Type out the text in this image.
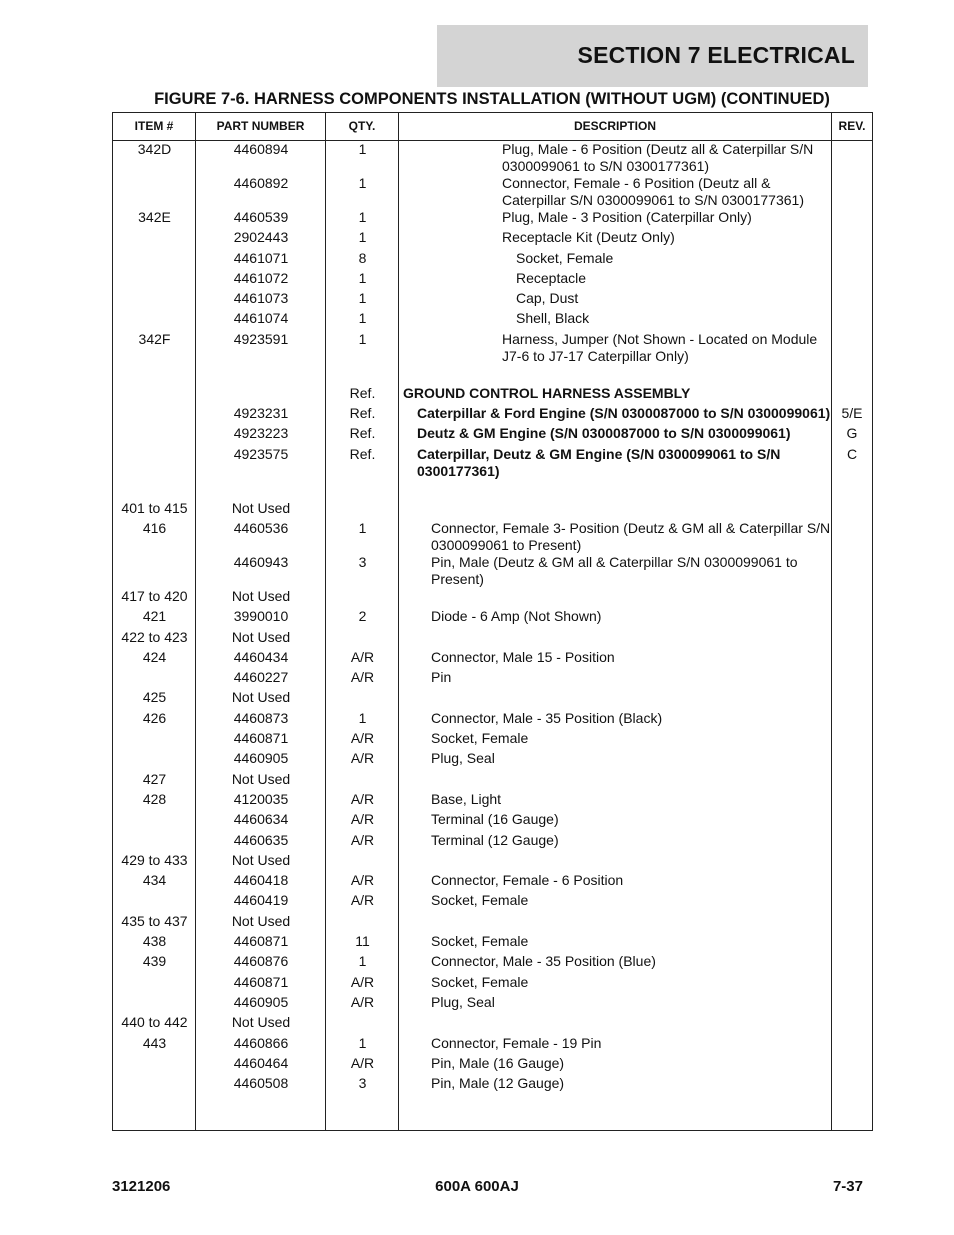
SECTION 7 ELECTRICAL
FIGURE 7-6. HARNESS COMPONENTS INSTALLATION (WITHOUT UGM) (CONTINUED)
ITEM #	PART NUMBER	QTY.	DESCRIPTION	REV.
342D	4460894	1	Plug, Male - 6 Position (Deutz all & Caterpillar S/N 0300099061 to S/N 0300177361)	

	4460892	1	Connector, Female - 6 Position (Deutz all & Caterpillar S/N 0300099061 to S/N 0300177361)	

342E	4460539	1	Plug, Male - 3 Position (Caterpillar Only)	

	2902443	1	Receptacle Kit (Deutz Only)	

	4461071	8	Socket, Female	

	4461072	1	Receptacle	

	4461073	1	Cap, Dust	

	4461074	1	Shell, Black	

342F	4923591	1	Harness, Jumper (Not Shown - Located on Module J7-6 to J7-17 Caterpillar Only)	

		Ref.	GROUND CONTROL HARNESS ASSEMBLY	

	4923231	Ref.	Caterpillar & Ford Engine (S/N 0300087000 to S/N 0300099061)	5/E
	4923223	Ref.	Deutz & GM Engine (S/N 0300087000 to S/N 0300099061)	G
	4923575	Ref.	Caterpillar, Deutz & GM Engine (S/N 0300099061 to S/N 0300177361)	C

401 to 415	Not Used		

416	4460536	1	Connector, Female 3- Position (Deutz & GM all & Caterpillar S/N 0300099061 to Present)	

	4460943	3	Pin, Male (Deutz & GM all & Caterpillar S/N 0300099061 to Present)	

417 to 420	Not Used		

421	3990010	2	Diode - 6 Amp (Not Shown)	

422 to 423	Not Used		

424	4460434	A/R	Connector, Male 15 - Position	

	4460227	A/R	Pin	

425	Not Used		

426	4460873	1	Connector, Male - 35 Position (Black)	

	4460871	A/R	Socket, Female	

	4460905	A/R	Plug, Seal	

427	Not Used		

428	4120035	A/R	Base, Light	

	4460634	A/R	Terminal (16 Gauge)	

	4460635	A/R	Terminal (12 Gauge)	

429 to 433	Not Used		

434	4460418	A/R	Connector, Female - 6 Position	

	4460419	A/R	Socket, Female	

435 to 437	Not Used		

438	4460871	11	Socket, Female	

439	4460876	1	Connector, Male - 35 Position (Blue)	

	4460871	A/R	Socket, Female	

	4460905	A/R	Plug, Seal	

440 to 442	Not Used		

443	4460866	1	Connector, Female - 19 Pin	

	4460464	A/R	Pin, Male (16 Gauge)	

	4460508	3	Pin, Male (12 Gauge)	

3121206	600A 600AJ	7-37
